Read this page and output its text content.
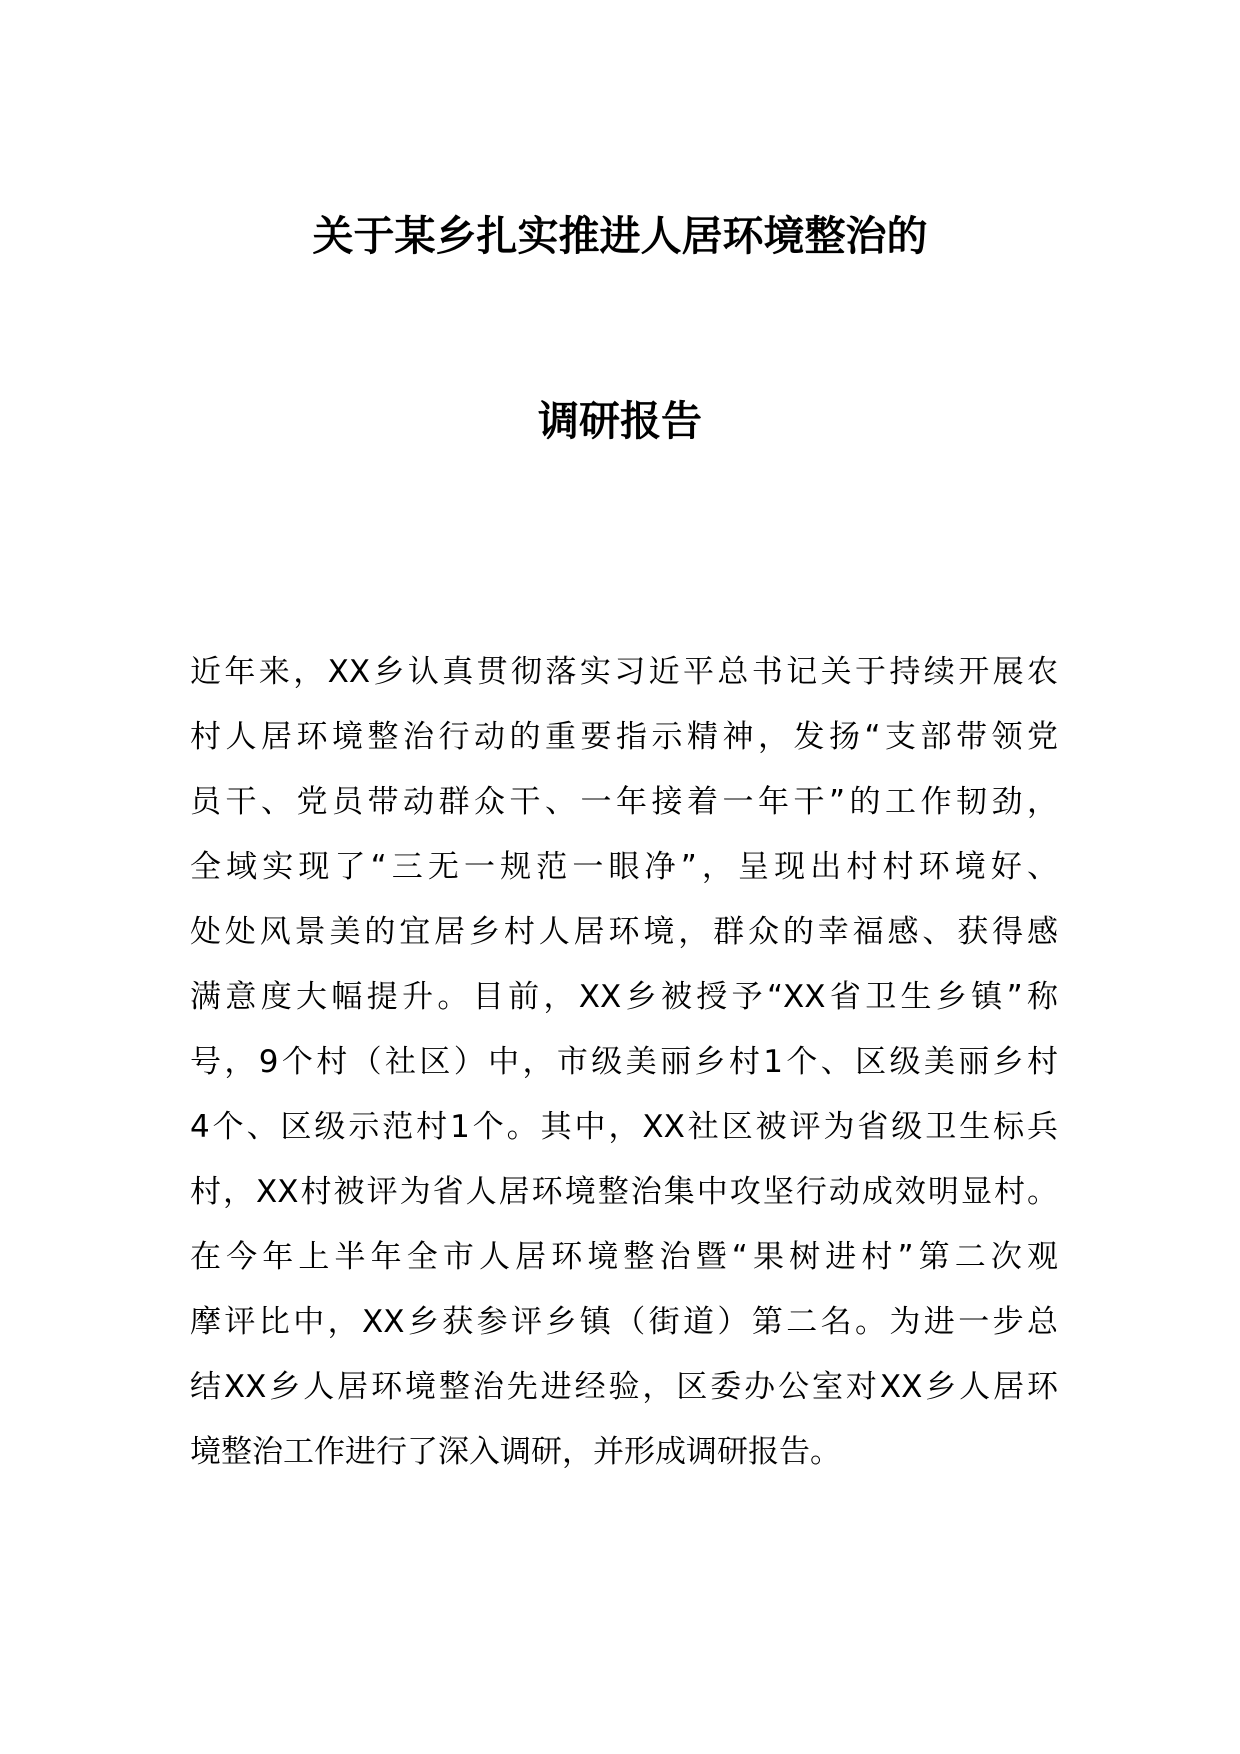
关于某乡扎实推进人居环境整治的
调研报告
近年来，XX乡认真贯彻落实习近平总书记关于持续开展农
村人居环境整治行动的重要指示精神，发扬“支部带领党
员干、党员带动群众干、一年接着一年干”的工作韧劲，
全域实现了“三无一规范一眼净”，呈现出村村环境好、
处处风景美的宜居乡村人居环境，群众的幸福感、获得感
满意度大幅提升。目前，XX乡被授予“XX省卫生乡镇”称
号，9个村（社区）中，市级美丽乡村1个、区级美丽乡村
4个、区级示范村1个。其中，XX社区被评为省级卫生标兵
村，XX村被评为省人居环境整治集中攻坚行动成效明显村。
在今年上半年全市人居环境整治暨“果树进村”第二次观
摩评比中，XX乡获参评乡镇（街道）第二名。为进一步总
结XX乡人居环境整治先进经验，区委办公室对XX乡人居环
境整治工作进行了深入调研，并形成调研报告。
